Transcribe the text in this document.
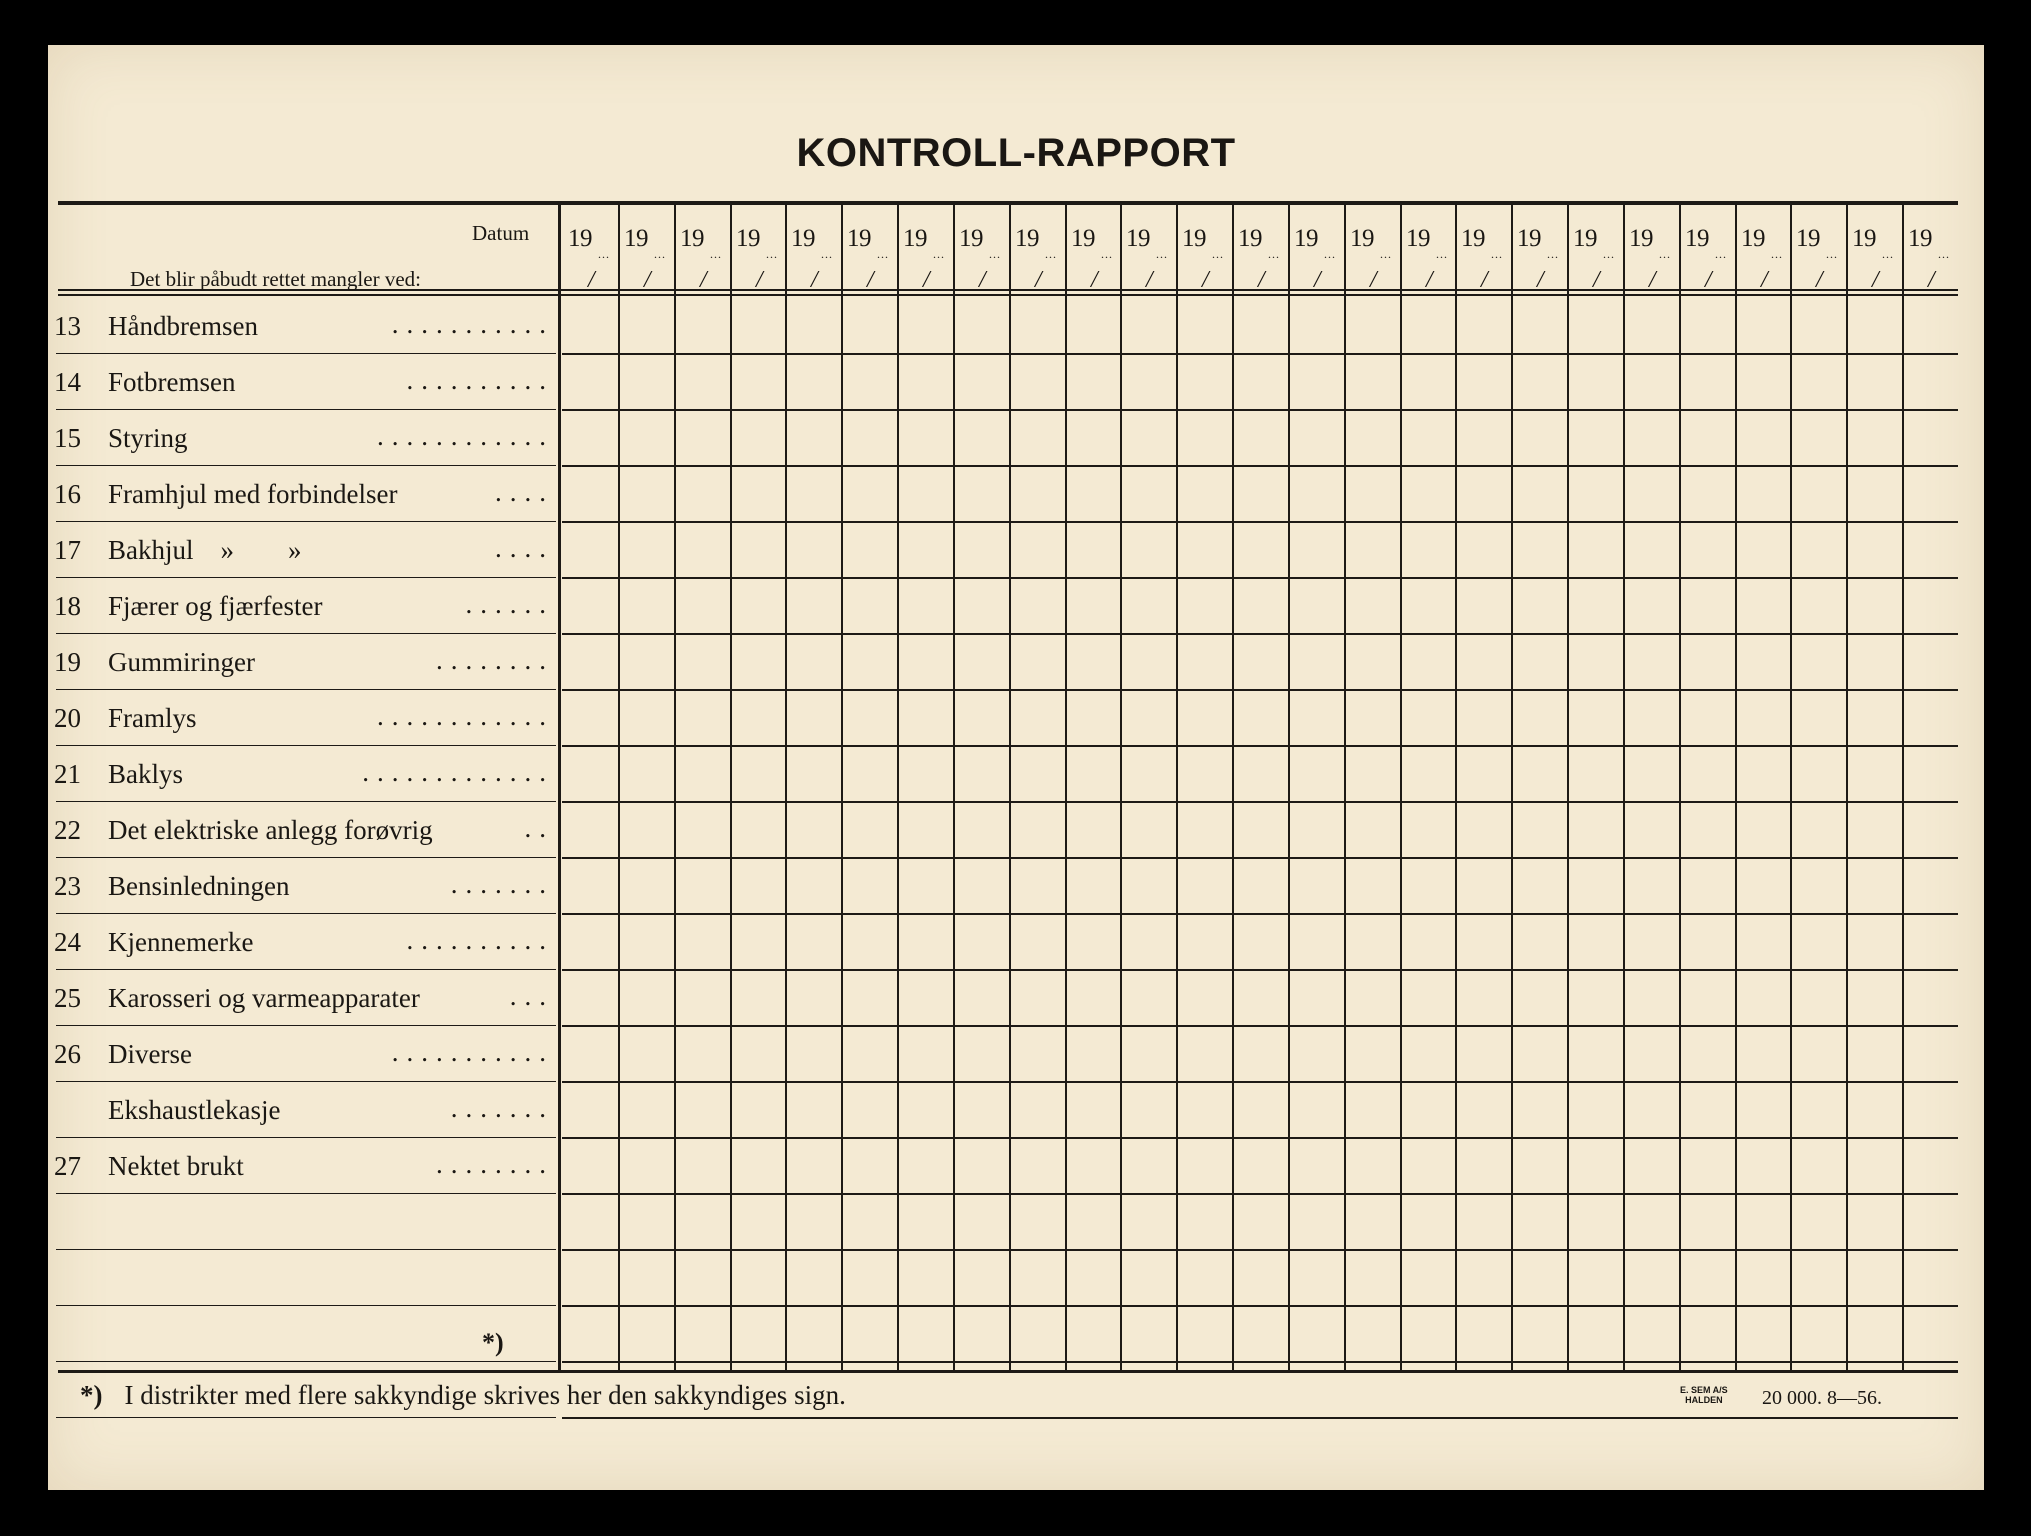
KONTROLL-RAPPORT
Datum
Det blir påbudt rettet mangler ved:
19
...
/
19
...
/
19
...
/
19
...
/
19
...
/
19
...
/
19
...
/
19
...
/
19
...
/
19
...
/
19
...
/
19
...
/
19
...
/
19
...
/
19
...
/
19
...
/
19
...
/
19
...
/
19
...
/
19
...
/
19
...
/
19
...
/
19
...
/
19
...
/
19
...
/
13	Håndbremsen	...........
14	Fotbremsen	..........
15	Styring	............
16	Framhjul med forbindelser	....
17	Bakhjul    »        »	....
18	Fjærer og fjærfester	......
19	Gummiringer	........
20	Framlys	............
21	Baklys	.............
22	Det elektriske anlegg forøvrig	..
23	Bensinledningen	.......
24	Kjennemerke	..........
25	Karosseri og varmeapparater	...
26	Diverse	...........
Ekshaustlekasje	.......
27	Nektet brukt	........
*)
*) I distrikter med flere sakkyndige skrives her den sakkyndiges sign.	E. SEM A/S
HALDEN 20 000. 8—56.
